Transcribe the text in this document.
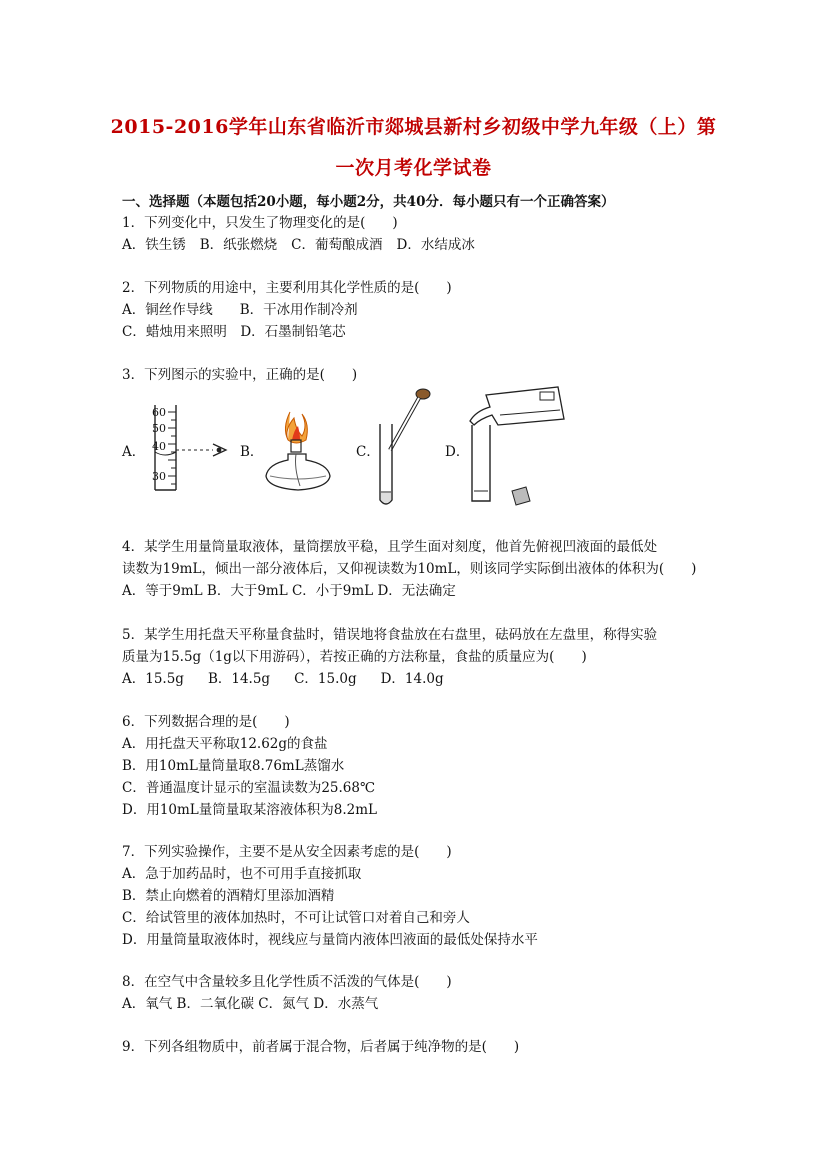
2015-2016学年山东省临沂市郯城县新村乡初级中学九年级（上）第
一次月考化学试卷
一、选择题（本题包括20小题，每小题2分，共40分．每小题只有一个正确答案）
1．下列变化中，只发生了物理变化的是(　　)
A．铁生锈 B．纸张燃烧 C．葡萄酿成酒 D．水结成冰
2．下列物质的用途中，主要利用其化学性质的是(　　)
A．铜丝作导线　　B．干冰用作制冷剂
C．蜡烛用来照明　D．石墨制铅笔芯
3．下列图示的实验中，正确的是(　　)
A．
60
50
40
30
B．	C．	D．
4．某学生用量筒量取液体，量筒摆放平稳，且学生面对刻度，他首先俯视凹液面的最低处
读数为19mL，倾出一部分液体后，又仰视读数为10mL，则该同学实际倒出液体的体积为(　　)
A．等于9mL B．大于9mL C．小于9mL D．无法确定
5．某学生用托盘天平称量食盐时，错误地将食盐放在右盘里，砝码放在左盘里，称得实验
质量为15.5g（1g以下用游码），若按正确的方法称量，食盐的质量应为(　　)
A．15.5g B．14.5g C．15.0g D．14.0g
6．下列数据合理的是(　　)
A．用托盘天平称取12.62g的食盐
B．用10mL量筒量取8.76mL蒸馏水
C．普通温度计显示的室温读数为25.68℃
D．用10mL量筒量取某溶液体积为8.2mL
7．下列实验操作，主要不是从安全因素考虑的是(　　)
A．急于加药品时，也不可用手直接抓取
B．禁止向燃着的酒精灯里添加酒精
C．给试管里的液体加热时，不可让试管口对着自己和旁人
D．用量筒量取液体时，视线应与量筒内液体凹液面的最低处保持水平
8．在空气中含量较多且化学性质不活泼的气体是(　　)
A．氧气 B．二氧化碳 C．氮气 D．水蒸气
9．下列各组物质中，前者属于混合物，后者属于纯净物的是(　　)
